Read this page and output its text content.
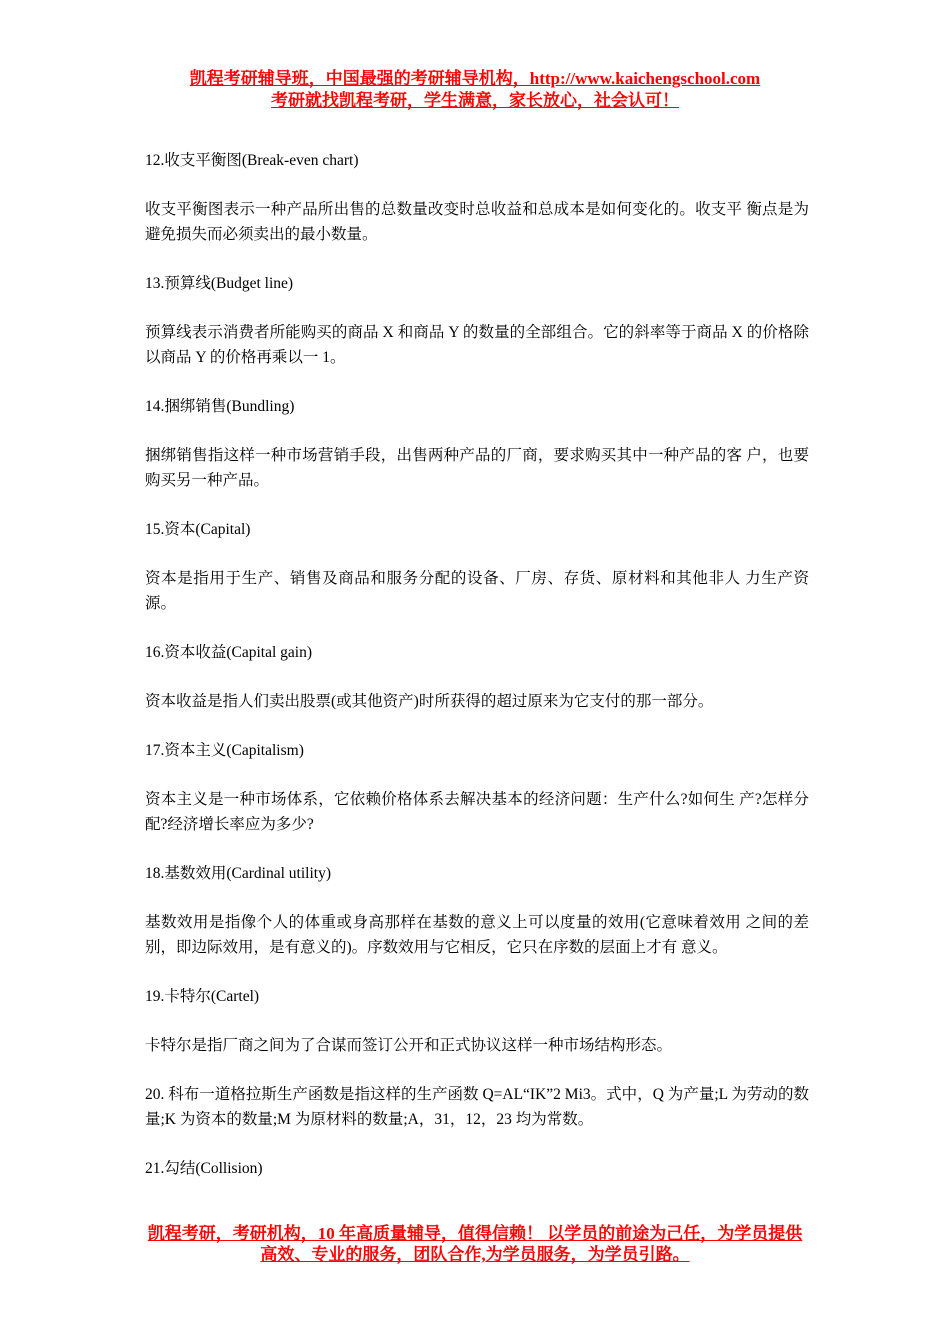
凯程考研辅导班，中国最强的考研辅导机构，http://www.kaichengschool.com
考研就找凯程考研，学生满意，家长放心，社会认可！

12.收支平衡图(Break-even chart)

收支平衡图表示一种产品所出售的总数量改变时总收益和总成本是如何变化的。收支平 衡点是为避免损失而必须卖出的最小数量。

13.预算线(Budget line)

预算线表示消费者所能购买的商品 X 和商品 Y 的数量的全部组合。它的斜率等于商品 X 的价格除以商品 Y 的价格再乘以一 1。

14.捆绑销售(Bundling)

捆绑销售指这样一种市场营销手段，出售两种产品的厂商，要求购买其中一种产品的客 户，也要购买另一种产品。

15.资本(Capital)

资本是指用于生产、销售及商品和服务分配的设备、厂房、存货、原材料和其他非人 力生产资源。

16.资本收益(Capital gain)

资本收益是指人们卖出股票(或其他资产)时所获得的超过原来为它支付的那一部分。

17.资本主义(Capitalism)

资本主义是一种市场体系，它依赖价格体系去解决基本的经济问题：生产什么?如何生 产?怎样分配?经济增长率应为多少?

18.基数效用(Cardinal utility)

基数效用是指像个人的体重或身高那样在基数的意义上可以度量的效用(它意味着效用 之间的差别，即边际效用，是有意义的)。序数效用与它相反，它只在序数的层面上才有 意义。

19.卡特尔(Cartel)

卡特尔是指厂商之间为了合谋而签订公开和正式协议这样一种市场结构形态。

20. 科布一道格拉斯生产函数是指这样的生产函数 Q=AL“IK”2 Mi3。式中，Q 为产量;L 为劳动的数量;K 为资本的数量;M 为原材料的数量;A，31，12，23 均为常数。

21.勾结(Collision)

凯程考研，考研机构，10 年高质量辅导，值得信赖！ 以学员的前途为己任，为学员提供
高效、专业的服务，团队合作,为学员服务，为学员引路。
